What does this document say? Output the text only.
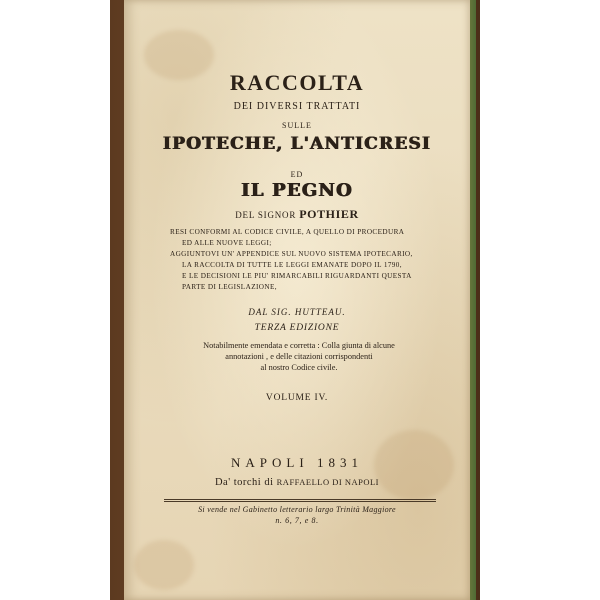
RACCOLTA
DEI DIVERSI TRATTATI
SULLE
IPOTECHE, L'ANTICRESI
ED
IL PEGNO
DEL SIGNOR POTHIER
RESI CONFORMI AL CODICE CIVILE, A QUELLO DI PROCEDURA
ED ALLE NUOVE LEGGI;
AGGIUNTOVI UN' APPENDICE SUL NUOVO SISTEMA IPOTECARIO,
LA RACCOLTA DI TUTTE LE LEGGI EMANATE DOPO IL 1790,
E LE DECISIONI LE PIU' RIMARCABILI RIGUARDANTI QUESTA
PARTE DI LEGISLAZIONE,
DAL SIG. HUTTEAU.
TERZA EDIZIONE
Notabilmente emendata e corretta : Colla giunta di alcune
annotazioni , e delle citazioni corrispondenti
al nostro Codice civile.
VOLUME IV.
NAPOLI 1831
Da' torchi di RAFFAELLO DI NAPOLI
Si vende nel Gabinetto letterario largo Trinità Maggiore
n. 6, 7, e 8.
